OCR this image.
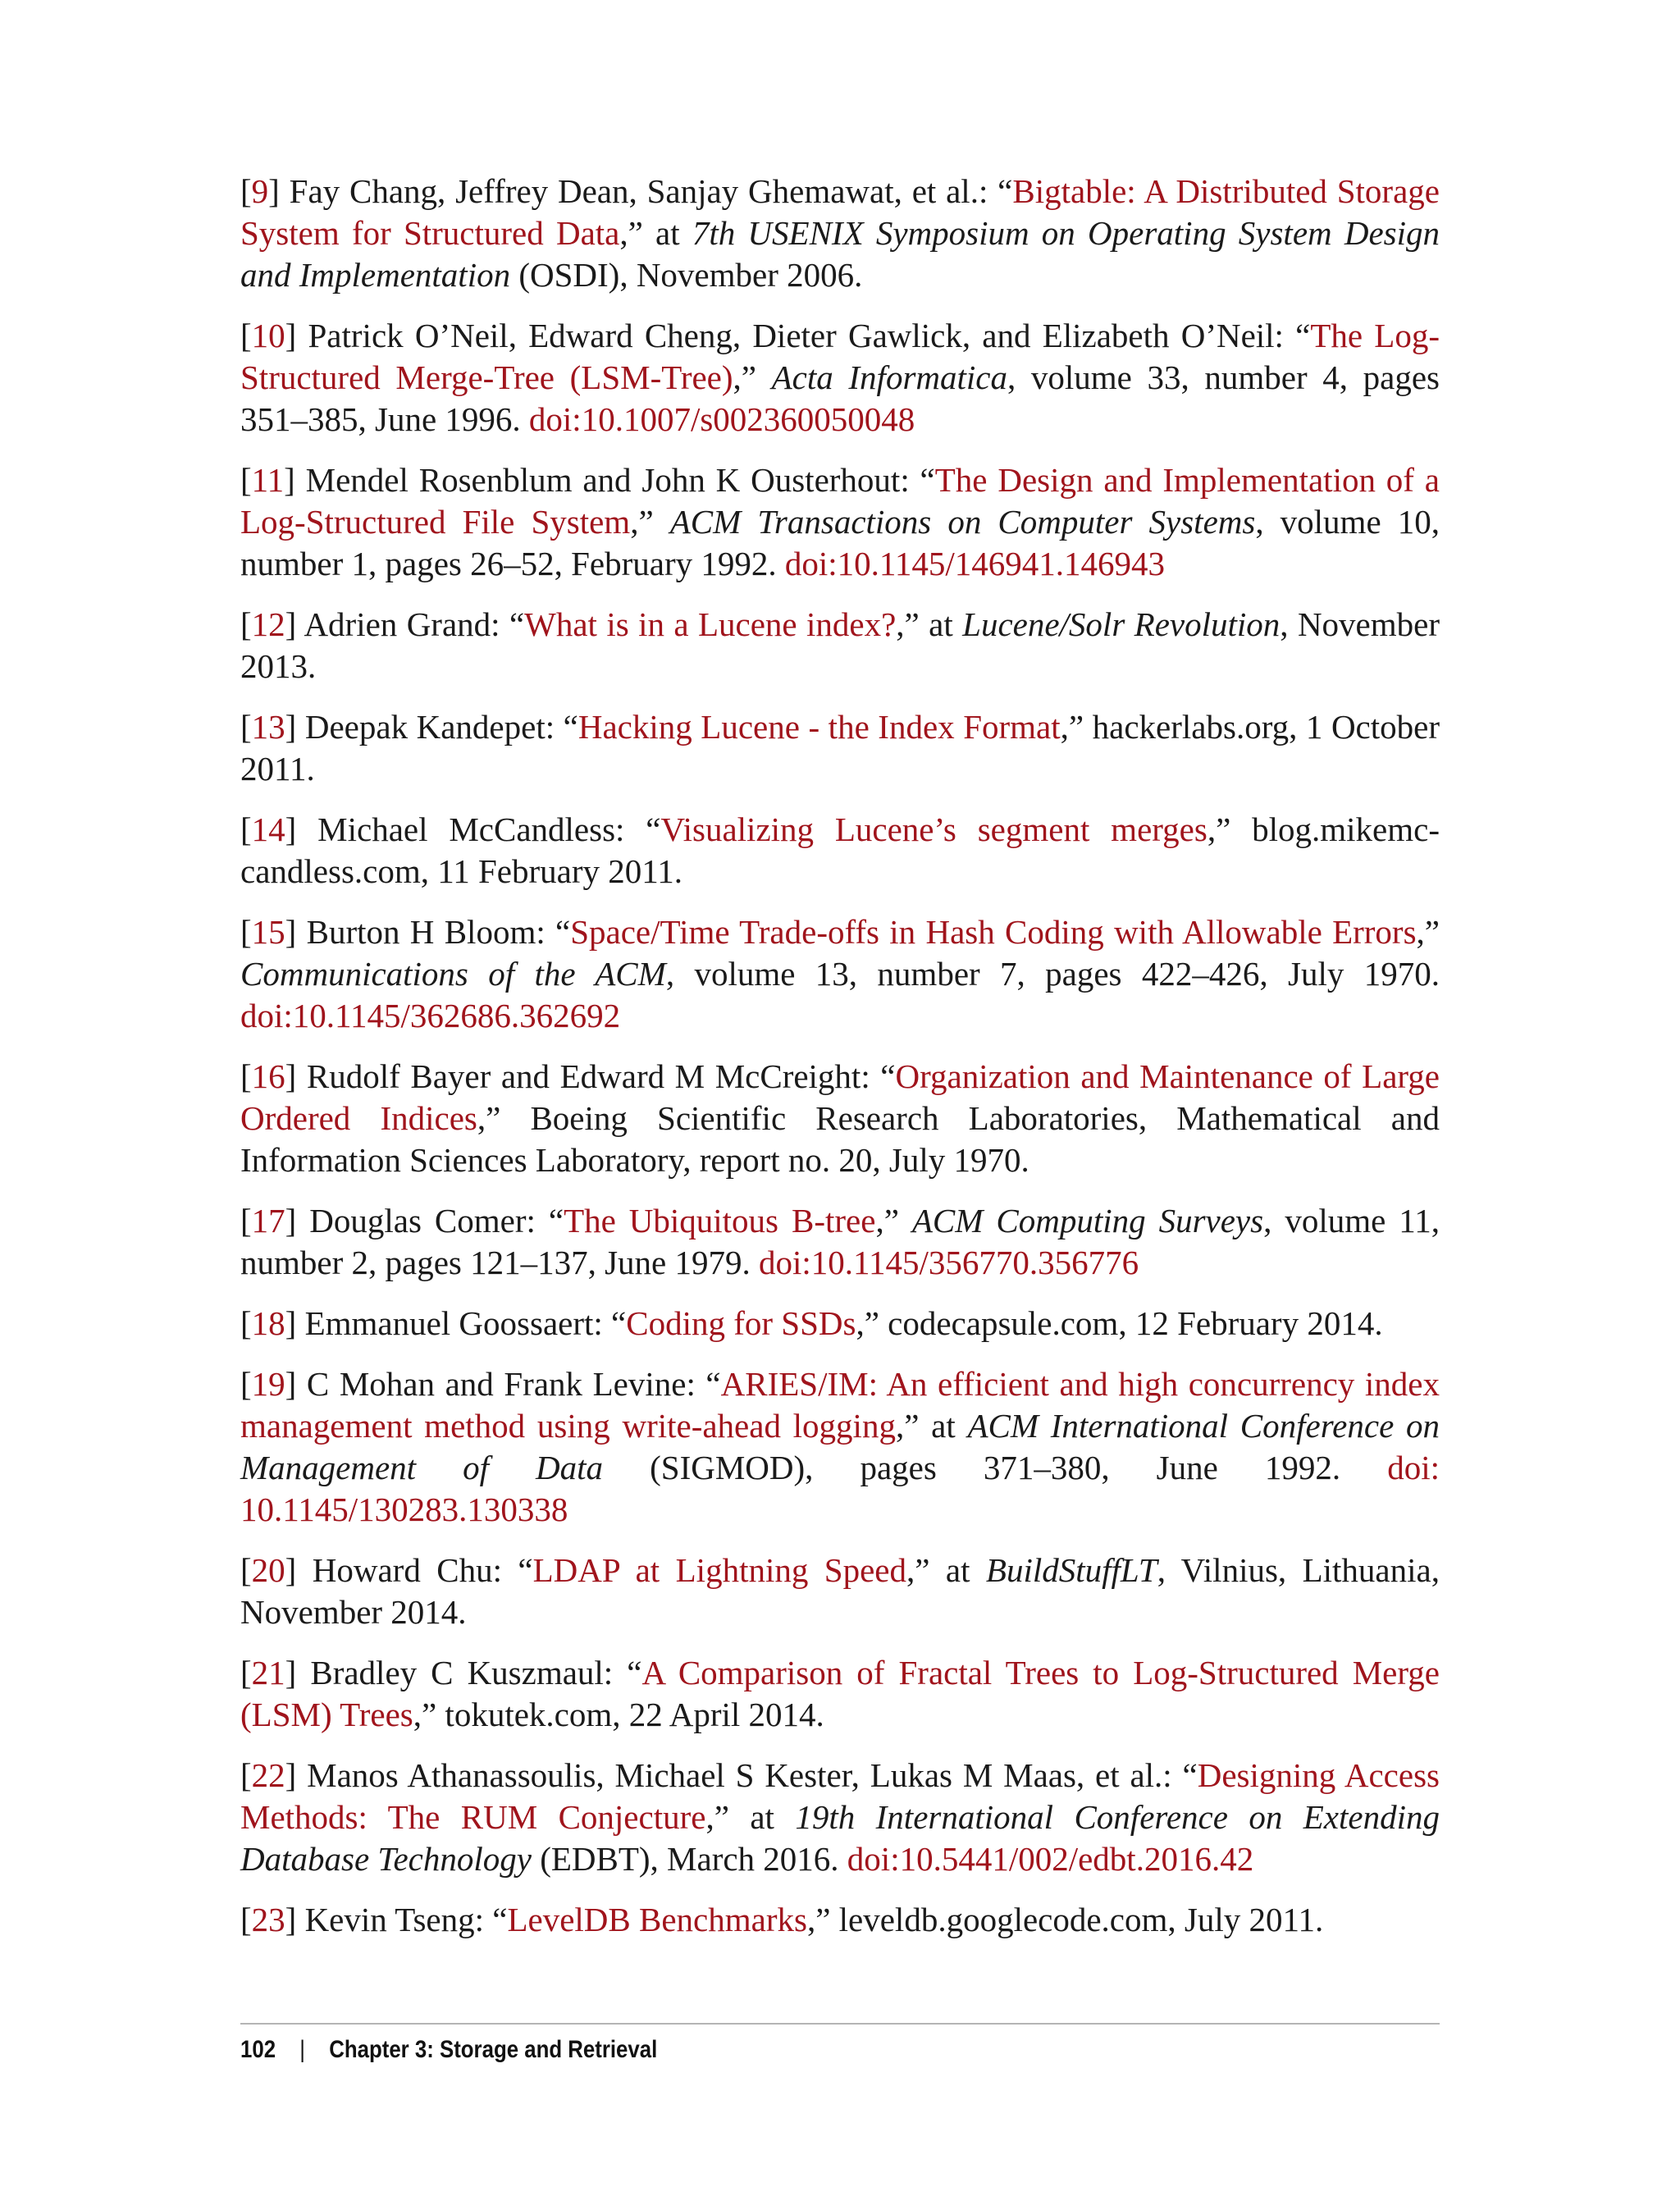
[9] Fay Chang, Jeffrey Dean, Sanjay Ghemawat, et al.: “Bigtable: A Distributed Storage System for Structured Data,” at 7th USENIX Symposium on Operating System Design and Implementation (OSDI), November 2006.

[10] Patrick O’Neil, Edward Cheng, Dieter Gawlick, and Elizabeth O’Neil: “The Log-Structured Merge-Tree (LSM-Tree),” Acta Informatica, volume 33, number 4, pages 351–385, June 1996. doi:10.1007/s002360050048

[11] Mendel Rosenblum and John K Ousterhout: “The Design and Implementation of a Log-Structured File System,” ACM Transactions on Computer Systems, volume 10, number 1, pages 26–52, February 1992. doi:10.1145/146941.146943

[12] Adrien Grand: “What is in a Lucene index?,” at Lucene/Solr Revolution, November 2013.

[13] Deepak Kandepet: “Hacking Lucene - the Index Format,” hackerlabs.org, 1 October 2011.

[14] Michael McCandless: “Visualizing Lucene’s segment merges,” blog.mikemccandless.com, 11 February 2011.

[15] Burton H Bloom: “Space/Time Trade-offs in Hash Coding with Allowable Errors,” Communications of the ACM, volume 13, number 7, pages 422–426, July 1970. doi:10.1145/362686.362692

[16] Rudolf Bayer and Edward M McCreight: “Organization and Maintenance of Large Ordered Indices,” Boeing Scientific Research Laboratories, Mathematical and Information Sciences Laboratory, report no. 20, July 1970.

[17] Douglas Comer: “The Ubiquitous B-tree,” ACM Computing Surveys, volume 11, number 2, pages 121–137, June 1979. doi:10.1145/356770.356776

[18] Emmanuel Goossaert: “Coding for SSDs,” codecapsule.com, 12 February 2014.

[19] C Mohan and Frank Levine: “ARIES/IM: An efficient and high concurrency index management method using write-ahead logging,” at ACM International Conference on Management of Data (SIGMOD), pages 371–380, June 1992. doi: 10.1145/130283.130338

[20] Howard Chu: “LDAP at Lightning Speed,” at BuildStuffLT, Vilnius, Lithuania, November 2014.

[21] Bradley C Kuszmaul: “A Comparison of Fractal Trees to Log-Structured Merge (LSM) Trees,” tokutek.com, 22 April 2014.

[22] Manos Athanassoulis, Michael S Kester, Lukas M Maas, et al.: “Designing Access Methods: The RUM Conjecture,” at 19th International Conference on Extending Database Technology (EDBT), March 2016. doi:10.5441/002/edbt.2016.42

[23] Kevin Tseng: “LevelDB Benchmarks,” leveldb.googlecode.com, July 2011.

102 | Chapter 3: Storage and Retrieval
